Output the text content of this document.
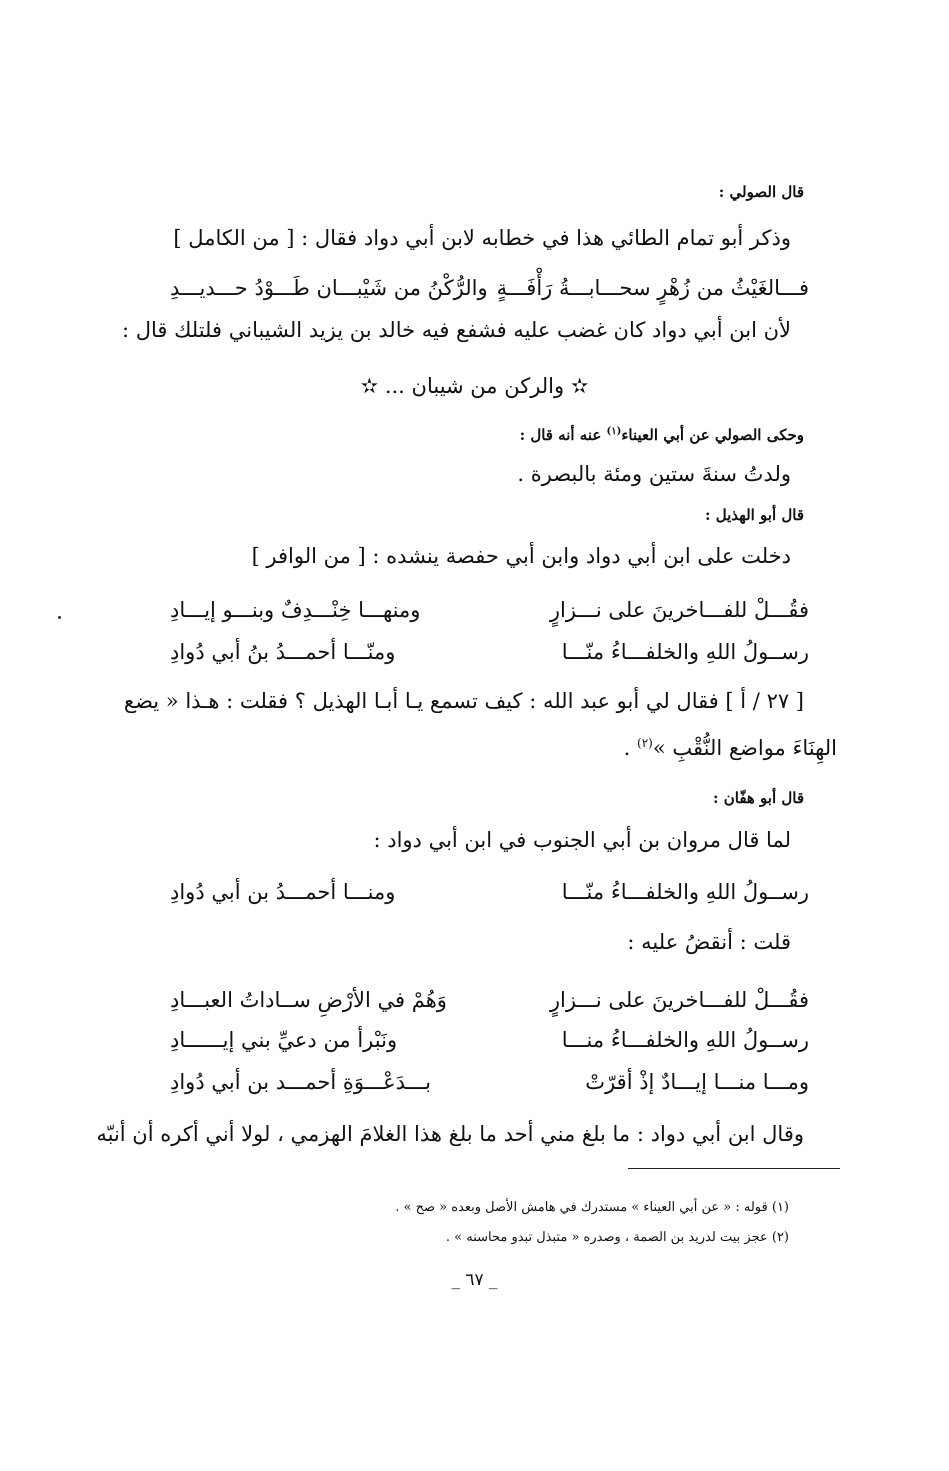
قال الصولي :
وذكر أبو تمام الطائي هذا في خطابه لابن أبي دواد فقال : [ من الكامل ]
فـــالغَيْثُ من زُهْرٍ سحـــابـــةُ رَأْفَـــةٍ
والرُّكْنُ من شَيْبـــان طَـــوْدُ حـــديـــدِ
لأن ابن أبي دواد كان غضب عليه فشفع فيه خالد بن يزيد الشيباني فلتلك قال :
✫ والركن من شيبان ... ✫
وحكى الصولي عن أبي العيناء$^{(١)}$ عنه أنه قال :
ولدتُ سنةَ ستين ومئة بالبصرة .
قال أبو الهذيل :
دخلت على ابن أبي دواد وابن أبي حفصة ينشده : [ من الوافر ]
فقُـــلْ للفـــاخرينَ على نـــزارٍ
ومنهـــا خِنْـــدِفٌ وبنـــو إيـــادِ
رســولُ اللهِ والخلفـــاءُ منّـــا
ومنّـــا أحمـــدُ بنُ أبي دُوادِ
[ ٢٧ / أ ] فقال لي أبو عبد الله : كيف تسمع يـا أبـا الهذيل ؟ فقلت : هـذا « يضع
الهِنَاءَ مواضع النُّقْبِ »$^{(٢)}$ .
قال أبو هفّان :
لما قال مروان بن أبي الجنوب في ابن أبي دواد :
رســولُ اللهِ والخلفـــاءُ منّـــا
ومنـــا أحمـــدُ بن أبي دُوادِ
قلت : أنقضُ عليه :
فقُـــلْ للفـــاخرينَ على نـــزارٍ
وَهُمْ في الأرْضِ ســاداتُ العبـــادِ
رســولُ اللهِ والخلفـــاءُ منـــا
ونَبْرأ من دعيِّ بني إيــــــادِ
ومـــا منـــا إيـــادٌ إذْ أقرّتْ
بـــدَعْـــوَةِ أحمـــد بن أبي دُوادِ
وقال ابن أبي دواد : ما بلغ مني أحد ما بلغ هذا الغلامَ الهزمي ، لولا أني أكره أن أنبّه
(١) قوله : « عن أبي العيناء » مستدرك في هامش الأصل وبعده « صح » .
(٢) عجز بيت لدريد بن الصمة ، وصدره « متبذل تبدو محاسنه » .
_ ٦٧ _
